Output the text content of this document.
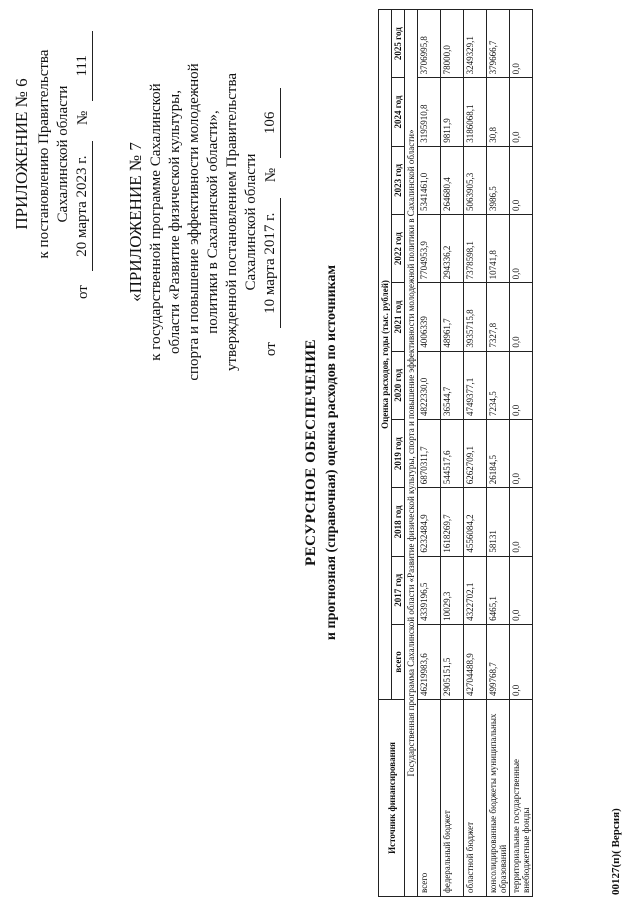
ПРИЛОЖЕНИЕ № 6 к постановлению Правительства Сахалинской области
от
20 марта 2023 г.
№
111
«ПРИЛОЖЕНИЕ № 7 к государственной программе Сахалинской области «Развитие физической культуры, спорта и повышение эффективности молодежной политики в Сахалинской области», утвержденной постановлением Правительства Сахалинской области
от
10 марта 2017 г.
№
106
РЕСУРСНОЕ ОБЕСПЕЧЕНИЕ и прогнозная (справочная) оценка расходов по источникам
Источник финансирования	Оценка расходов, годы (тыс. рублей)									
	всего	2017 год	2018 год	2019 год	2020 год	2021 год	2022 год	2023 год	2024 год	2025 год
Государственная программа Сахалинской области «Развитие физической культуры, спорта и повышение эффективности молодежной политики в Сахалинской области»										
всего	46219983,6	4339196,5	6232484,9	6870311,7	4822330,0	4006339	7704953,9	5341461,0	3195910,8	3706995,8
федеральный бюджет	2905151,5	10029,3	1618269,7	544517,6	36544,7	48961,7	294336,2	264680,4	9811,9	78000,0
областной бюджет	42704488,9	4322702,1	4556084,2	6262709,1	4749377,1	3935715,8	7378598,1	5063905,3	3186068,1	3249329,1
консолидированные бюджеты муниципальных образований	499768,7	6465,1	58131	26184,5	7234,5	7327,8	10741,8	3986,5	30,8	379666,7
территориальные государственные внебюджетные фонды	0,0	0,0	0,0	0,0	0,0	0,0	0,0	0,0	0,0	0,0
00127(п)( Версия)
